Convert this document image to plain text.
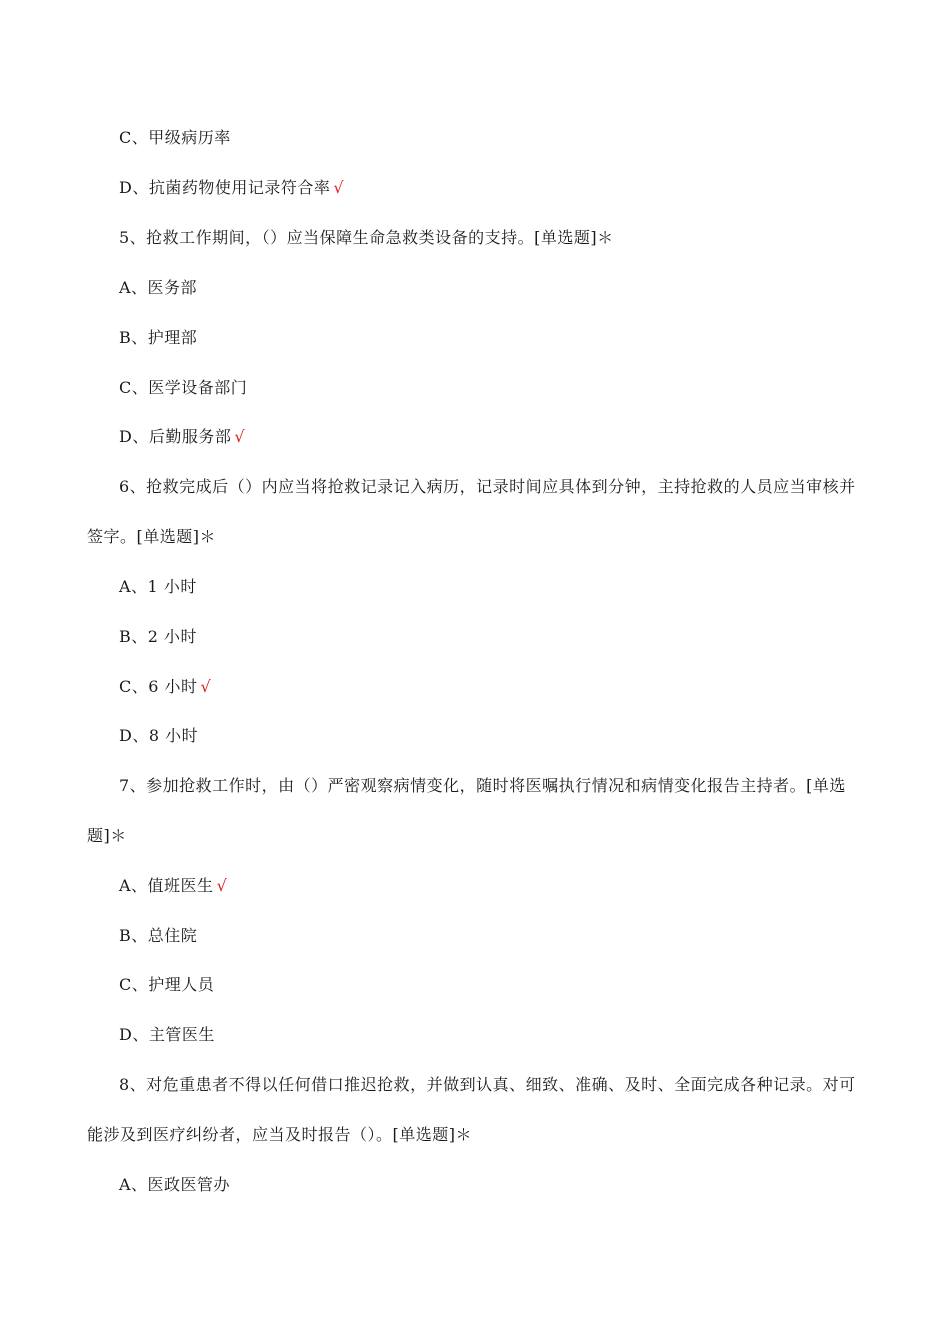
C、甲级病历率
D、抗菌药物使用记录符合率 √
5、抢救工作期间，（）应当保障生命急救类设备的支持。[单选题]＊
A、医务部
B、护理部
C、医学设备部门
D、后勤服务部 √
6、抢救完成后（）内应当将抢救记录记入病历，记录时间应具体到分钟，主持抢救的人员应当审核并
签字。[单选题]＊
A、1 小时
B、2 小时
C、6 小时 √
D、8 小时
7、参加抢救工作时，由（）严密观察病情变化，随时将医嘱执行情况和病情变化报告主持者。[单选
题]＊
A、值班医生 √
B、总住院
C、护理人员
D、主管医生
8、对危重患者不得以任何借口推迟抢救，并做到认真、细致、准确、及时、全面完成各种记录。对可
能涉及到医疗纠纷者，应当及时报告（）。[单选题]＊
A、医政医管办
